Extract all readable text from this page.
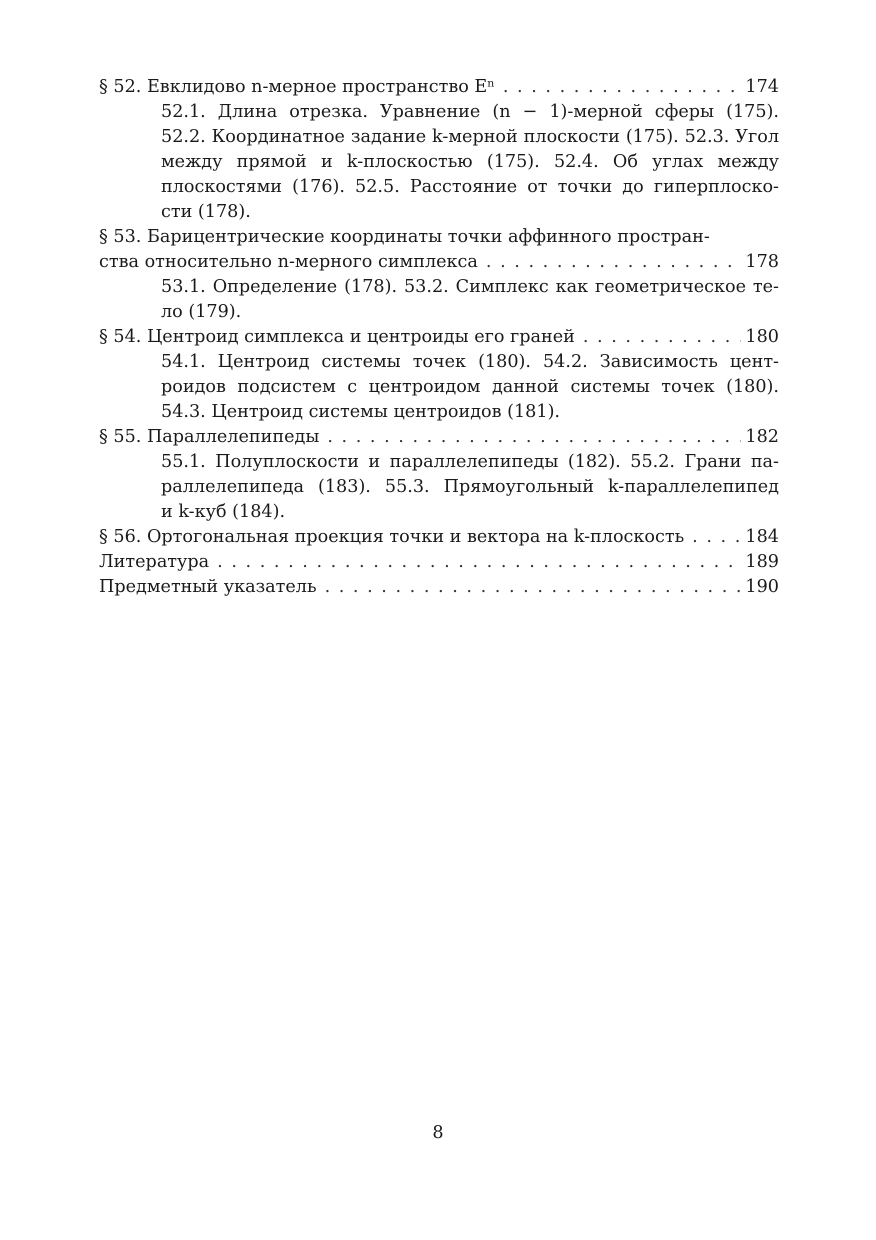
§ 52. Евклидово n-мерное пространство Eⁿ . . .	174
52.1. Длина отрезка. Уравнение (n − 1)-мерной сферы (175).
52.2. Координатное задание k-мерной плоскости (175). 52.3. Угол
между прямой и k-плоскостью (175). 52.4. Об углах между
плоскостями (176). 52.5. Расстояние от точки до гиперплоско-
сти (178).
§ 53. Барицентрические координаты точки аффинного простран-
ства относительно n-мерного симплекса . . .	178
53.1. Определение (178). 53.2. Симплекс как геометрическое те-
ло (179).
§ 54. Центроид симплекса и центроиды его граней . . .	180
54.1. Центроид системы точек (180). 54.2. Зависимость цент-
роидов подсистем с центроидом данной системы точек (180).
54.3. Центроид системы центроидов (181).
§ 55. Параллелепипеды . . .	182
55.1. Полуплоскости и параллелепипеды (182). 55.2. Грани па-
раллелепипеда (183). 55.3. Прямоугольный k-параллелепипед
и k-куб (184).
§ 56. Ортогональная проекция точки и вектора на k-плоскость . . .	184
Литература . . .	189
Предметный указатель . . .	190
8
